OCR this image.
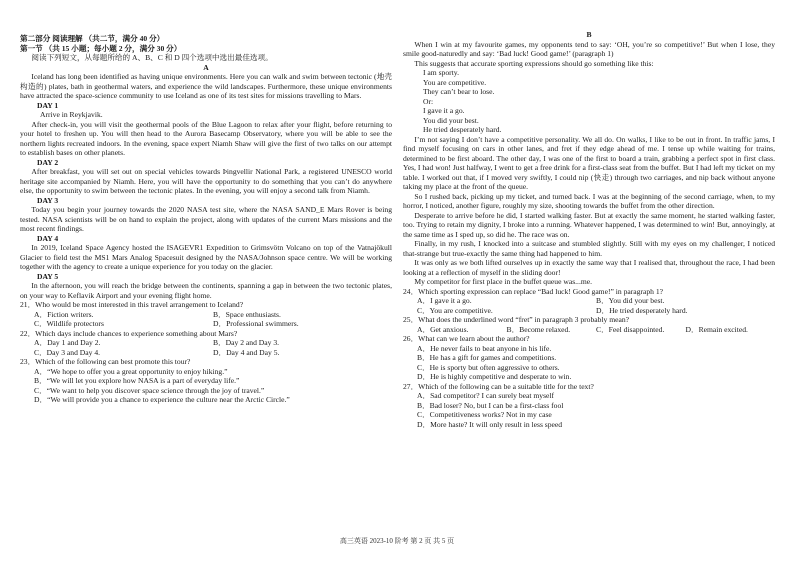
第二部分 阅读理解 （共二节，满分 40 分）

第一节 （共 15 小题；每小题 2 分，满分 30 分）

阅读下列短文，从每题所给的 A、B、C 和 D 四个选项中选出最佳选项。

A

Iceland has long been identified as having unique environments. Here you can walk and swim between tectonic (地壳构造的) plates, bath in geothermal waters, and experience the wild landscapes. Furthermore, these unique environments have attracted the space-science community to use Iceland as one of its test sites for missions travelling to Mars.

DAY 1

Arrive in Reykjavik.

After check-in, you will visit the geothermal pools of the Blue Lagoon to relax after your flight, before returning to your hotel to freshen up. You will then head to the Aurora Basecamp Observatory, where you will be able to see the northern lights recreated indoors. In the evening, space expert Niamh Shaw will give the first of two talks on our attempt to establish bases on other planets.

DAY 2

After breakfast, you will set out on special vehicles towards Þingvellir National Park, a registered UNESCO world heritage site accompanied by Niamh. Here, you will have the opportunity to do something that you can’t do anywhere else, the opportunity to swim between the tectonic plates. In the evening, you will enjoy a second talk from Niamh.

DAY 3

Today you begin your journey towards the 2020 NASA test site, where the NASA SAND_E Mars Rover is being tested. NASA scientists will be on hand to explain the project, along with updates of the current Mars missions and the most recent findings.

DAY 4

In 2019, Iceland Space Agency hosted the ISAGEVR1 Expedition to Grimsvötn Volcano on top of the Vatnajökull Glacier to field test the MS1 Mars Analog Spacesuit designed by the NASA/Johnson space centre. We will be working together with the agency to create a unique experience for you today on the glacier.

DAY 5

In the afternoon, you will reach the bridge between the continents, spanning a gap in between the two tectonic plates, on your way to Keflavik Airport and your evening flight home.

21．Who would be most interested in this travel arrangement to Iceland?

A．Fiction writers.	B．Space enthusiasts.
C．Wildlife protectors	D．Professional swimmers.

22．Which days include chances to experience something about Mars?

A．Day 1 and Day 2.	B．Day 2 and Day 3.
C．Day 3 and Day 4.	D．Day 4 and Day 5.

23．Which of the following can best promote this tour?

A．“We hope to offer you a great opportunity to enjoy hiking.”

B．“We will let you explore how NASA is a part of everyday life.”

C．“We want to help you discover space science through the joy of travel.”

D．“We will provide you a chance to experience the culture near the Arctic Circle.”

B

When I win at my favourite games, my opponents tend to say: ‘OH, you’re so competitive!’ But when I lose, they smile good-naturedly and say: ‘Bad luck! Good game!’ (paragraph 1)

This suggests that accurate sporting expressions should go something like this:

I am sporty.

You are competitive.

They can’t bear to lose.

Or:

I gave it a go.

You did your best.

He tried desperately hard.

I’m not saying I don’t have a competitive personality. We all do. On walks, I like to be out in front. In traffic jams, I find myself focusing on cars in other lanes, and fret if they edge ahead of me. I tense up while waiting for trains, determined to be first aboard. The other day, I was one of the first to board a train, grabbing a perfect spot in first class. Yes, I had won! Just halfway, I went to get a free drink for a first-class seat from the buffet. But I had left my ticket on my table. I worked out that, if I moved very swiftly, I could nip (快走) through two carriages, and nip back without anyone taking my place at the front of the queue.

So I rushed back, picking up my ticket, and turned back. I was at the beginning of the second carriage, when, to my horror, I noticed, another figure, roughly my size, shooting towards the buffet from the other direction.

Desperate to arrive before he did, I started walking faster. But at exactly the same moment, he started walking faster, too. Trying to retain my dignity, I broke into a running. Whatever happened, I was determined to win! But, annoyingly, at the same time as I sped up, so did he. The race was on.

Finally, in my rush, I knocked into a suitcase and stumbled slightly. Still with my eyes on my challenger, I noticed that-strange but true-exactly the same thing had happened to him.

It was only as we both lifted ourselves up in exactly the same way that I realised that, throughout the race, I had been looking at a reflection of myself in the sliding door!

My competitor for first place in the buffet queue was...me.

24．Which sporting expression can replace “Bad luck! Good game!” in paragraph 1?

A．I gave it a go.	B．You did your best.
C．You are competitive.	D．He tried desperately hard.

25．What does the underlined word “fret” in paragraph 3 probably mean?

A．Get anxious.	B．Become relaxed.	C．Feel disappointed.	D．Remain excited.

26．What can we learn about the author?

A．He never fails to beat anyone in his life.

B．He has a gift for games and competitions.

C．He is sporty but often aggressive to others.

D．He is highly competitive and desperate to win.

27．Which of the following can be a suitable title for the text?

A．Sad competitor? I can surely beat myself

B．Bad loser? No, but I can be a first-class fool

C．Competitiveness works? Not in my case

D．More haste? It will only result in less speed

高三英语 2023-10 阶考 第 2 页 共 5 页
